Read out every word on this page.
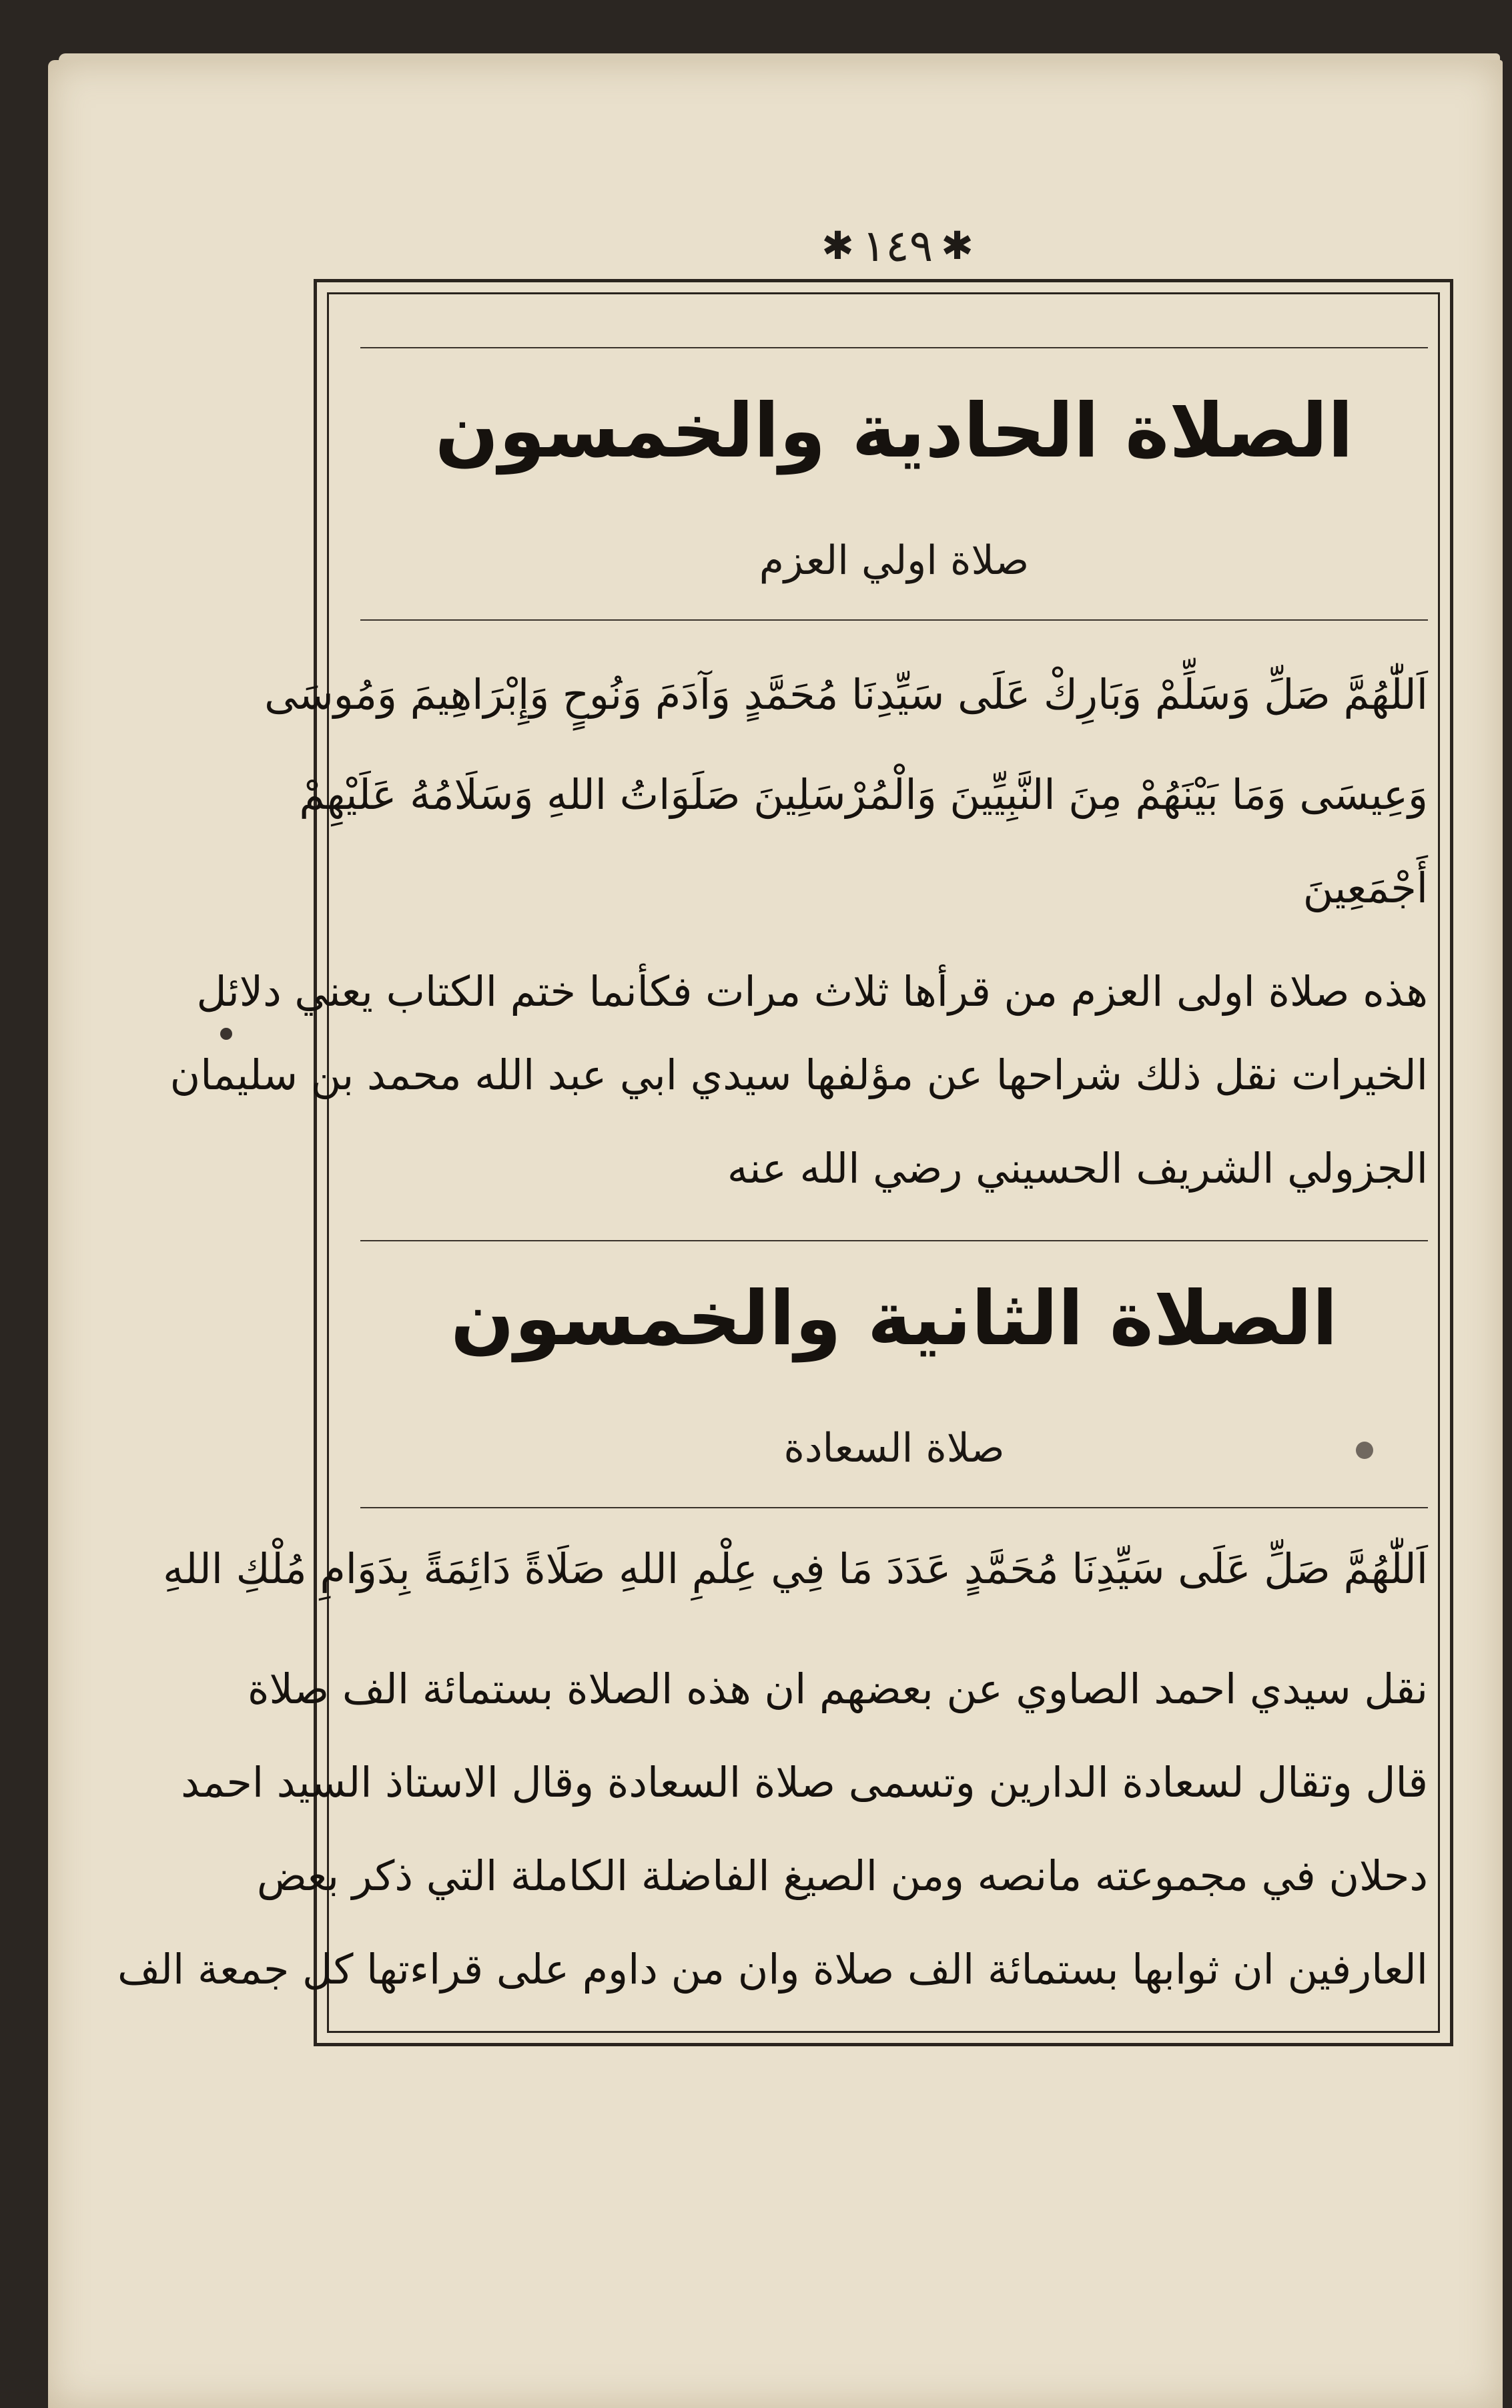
✱
١٤٩
✱
الصلاة الحادية والخمسون
صلاة اولي العزم
اَللّٰهُمَّ صَلِّ وَسَلِّمْ وَبَارِكْ عَلَى سَيِّدِنَا مُحَمَّدٍ وَآدَمَ وَنُوحٍ وَإِبْرَاهِيمَ وَمُوسَى
وَعِيسَى وَمَا بَيْنَهُمْ مِنَ النَّبِيِّينَ وَالْمُرْسَلِينَ صَلَوَاتُ اللهِ وَسَلَامُهُ عَلَيْهِمْ
أَجْمَعِينَ
هذه صلاة اولى العزم من قرأها ثلاث مرات فكأنما ختم الكتاب يعني دلائل
الخيرات نقل ذلك شراحها عن مؤلفها سيدي ابي عبد الله محمد بن سليمان
الجزولي الشريف الحسيني رضي الله عنه
الصلاة الثانية والخمسون
صلاة السعادة
اَللّٰهُمَّ صَلِّ عَلَى سَيِّدِنَا مُحَمَّدٍ عَدَدَ مَا فِي عِلْمِ اللهِ صَلَاةً دَائِمَةً بِدَوَامِ مُلْكِ اللهِ
نقل سيدي احمد الصاوي عن بعضهم ان هذه الصلاة بستمائة الف صلاة
قال وتقال لسعادة الدارين وتسمى صلاة السعادة وقال الاستاذ السيد احمد
دحلان في مجموعته مانصه ومن الصيغ الفاضلة الكاملة التي ذكر بعض
العارفين ان ثوابها بستمائة الف صلاة وان من داوم على قراءتها كل جمعة الف
